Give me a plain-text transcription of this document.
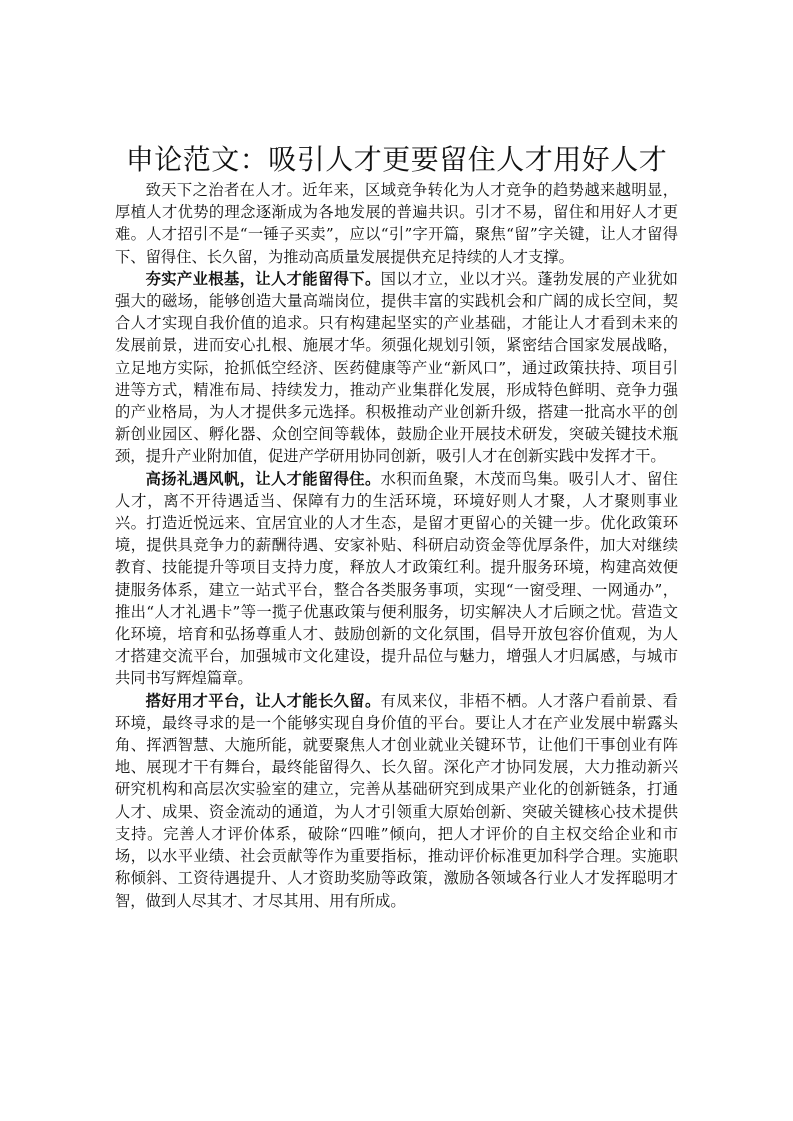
申论范文：吸引人才更要留住人才用好人才

致天下之治者在人才。近年来，区域竞争转化为人才竞争的趋势越来越明显，厚植人才优势的理念逐渐成为各地发展的普遍共识。引才不易，留住和用好人才更难。人才招引不是“一锤子买卖”，应以“引”字开篇，聚焦“留”字关键，让人才留得下、留得住、长久留，为推动高质量发展提供充足持续的人才支撑。

夯实产业根基，让人才能留得下。国以才立，业以才兴。蓬勃发展的产业犹如强大的磁场，能够创造大量高端岗位，提供丰富的实践机会和广阔的成长空间，契合人才实现自我价值的追求。只有构建起坚实的产业基础，才能让人才看到未来的发展前景，进而安心扎根、施展才华。须强化规划引领，紧密结合国家发展战略，立足地方实际，抢抓低空经济、医药健康等产业“新风口”，通过政策扶持、项目引进等方式，精准布局、持续发力，推动产业集群化发展，形成特色鲜明、竞争力强的产业格局，为人才提供多元选择。积极推动产业创新升级，搭建一批高水平的创新创业园区、孵化器、众创空间等载体，鼓励企业开展技术研发，突破关键技术瓶颈，提升产业附加值，促进产学研用协同创新，吸引人才在创新实践中发挥才干。

高扬礼遇风帆，让人才能留得住。水积而鱼聚，木茂而鸟集。吸引人才、留住人才，离不开待遇适当、保障有力的生活环境，环境好则人才聚，人才聚则事业兴。打造近悦远来、宜居宜业的人才生态，是留才更留心的关键一步。优化政策环境，提供具竞争力的薪酬待遇、安家补贴、科研启动资金等优厚条件，加大对继续教育、技能提升等项目支持力度，释放人才政策红利。提升服务环境，构建高效便捷服务体系，建立一站式平台，整合各类服务事项，实现“一窗受理、一网通办”，推出“人才礼遇卡”等一揽子优惠政策与便利服务，切实解决人才后顾之忧。营造文化环境，培育和弘扬尊重人才、鼓励创新的文化氛围，倡导开放包容价值观，为人才搭建交流平台，加强城市文化建设，提升品位与魅力，增强人才归属感，与城市共同书写辉煌篇章。

搭好用才平台，让人才能长久留。有凤来仪，非梧不栖。人才落户看前景、看环境，最终寻求的是一个能够实现自身价值的平台。要让人才在产业发展中崭露头角、挥洒智慧、大施所能，就要聚焦人才创业就业关键环节，让他们干事创业有阵地、展现才干有舞台，最终能留得久、长久留。深化产才协同发展，大力推动新兴研究机构和高层次实验室的建立，完善从基础研究到成果产业化的创新链条，打通人才、成果、资金流动的通道，为人才引领重大原始创新、突破关键核心技术提供支持。完善人才评价体系，破除“四唯”倾向，把人才评价的自主权交给企业和市场，以水平业绩、社会贡献等作为重要指标，推动评价标准更加科学合理。实施职称倾斜、工资待遇提升、人才资助奖励等政策，激励各领域各行业人才发挥聪明才智，做到人尽其才、才尽其用、用有所成。
